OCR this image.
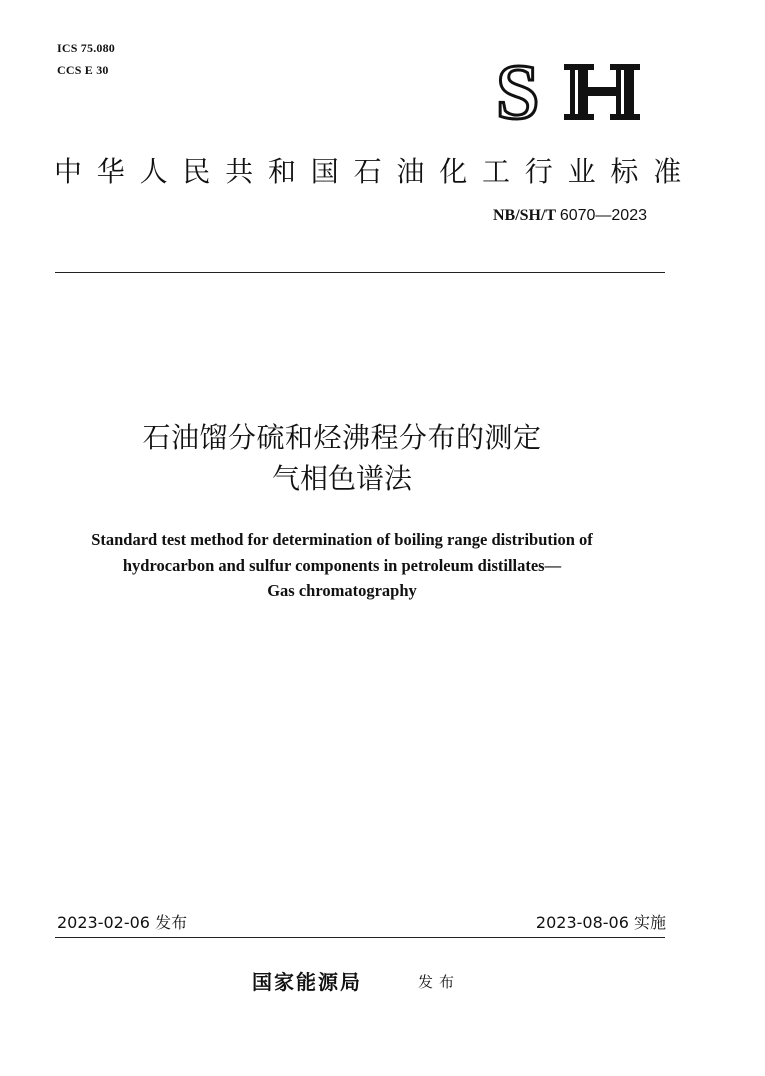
ICS 75.080
CCS E 30	S
中华人民共和国石油化工行业标准
NB/SH/T 6070—2023
石油馏分硫和烃沸程分布的测定
气相色谱法
Standard test method for determination of boiling range distribution of
hydrocarbon and sulfur components in petroleum distillates—
Gas chromatography
2023-02-06 发布	2023-08-06 实施
国家能源局	发布
